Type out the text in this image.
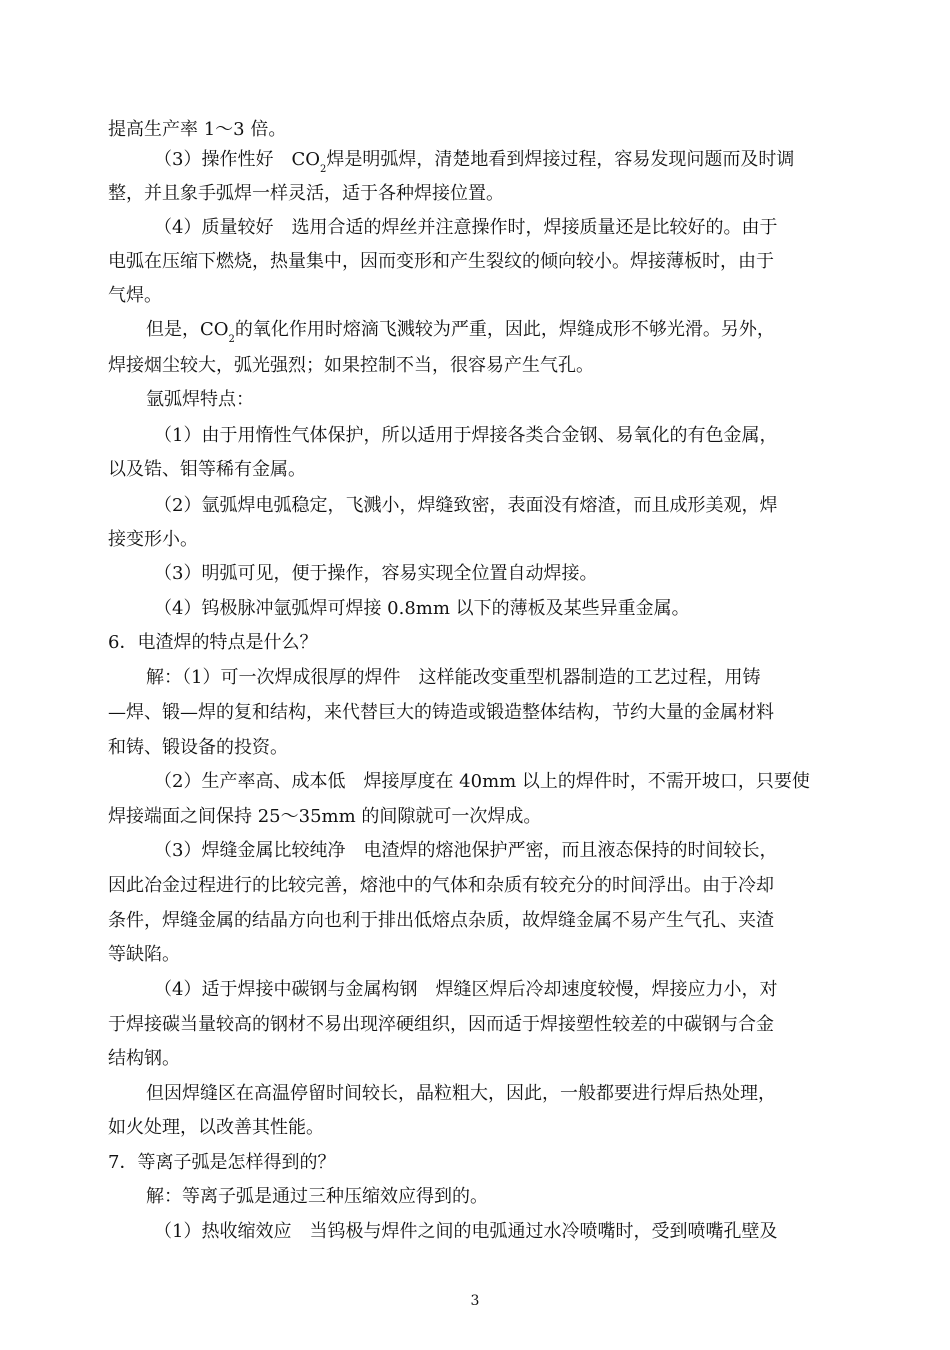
提高生产率 1～3 倍。
（3）操作性好　$CO_2$焊是明弧焊，清楚地看到焊接过程，容易发现问题而及时调
整，并且象手弧焊一样灵活，适于各种焊接位置。
（4）质量较好　选用合适的焊丝并注意操作时，焊接质量还是比较好的。由于
电弧在压缩下燃烧，热量集中，因而变形和产生裂纹的倾向较小。焊接薄板时，由于
气焊。
但是，$CO_2$的氧化作用时熔滴飞溅较为严重，因此，焊缝成形不够光滑。另外，
焊接烟尘较大，弧光强烈；如果控制不当，很容易产生气孔。
氩弧焊特点：
（1）由于用惰性气体保护，所以适用于焊接各类合金钢、易氧化的有色金属，
以及锆、钼等稀有金属。
（2）氩弧焊电弧稳定，飞溅小，焊缝致密，表面没有熔渣，而且成形美观，焊
接变形小。
（3）明弧可见，便于操作，容易实现全位置自动焊接。
（4）钨极脉冲氩弧焊可焊接 0.8mm 以下的薄板及某些异重金属。
6．电渣焊的特点是什么？
解：（1）可一次焊成很厚的焊件　这样能改变重型机器制造的工艺过程，用铸
—焊、锻—焊的复和结构，来代替巨大的铸造或锻造整体结构，节约大量的金属材料
和铸、锻设备的投资。
（2）生产率高、成本低　焊接厚度在 40mm 以上的焊件时，不需开坡口，只要使
焊接端面之间保持 25～35mm 的间隙就可一次焊成。
（3）焊缝金属比较纯净　电渣焊的熔池保护严密，而且液态保持的时间较长，
因此冶金过程进行的比较完善，熔池中的气体和杂质有较充分的时间浮出。由于冷却
条件，焊缝金属的结晶方向也利于排出低熔点杂质，故焊缝金属不易产生气孔、夹渣
等缺陷。
（4）适于焊接中碳钢与金属构钢　焊缝区焊后冷却速度较慢，焊接应力小，对
于焊接碳当量较高的钢材不易出现淬硬组织，因而适于焊接塑性较差的中碳钢与合金
结构钢。
但因焊缝区在高温停留时间较长，晶粒粗大，因此，一般都要进行焊后热处理，
如火处理，以改善其性能。
7．等离子弧是怎样得到的？
解：等离子弧是通过三种压缩效应得到的。
（1）热收缩效应　当钨极与焊件之间的电弧通过水冷喷嘴时，受到喷嘴孔壁及
3
